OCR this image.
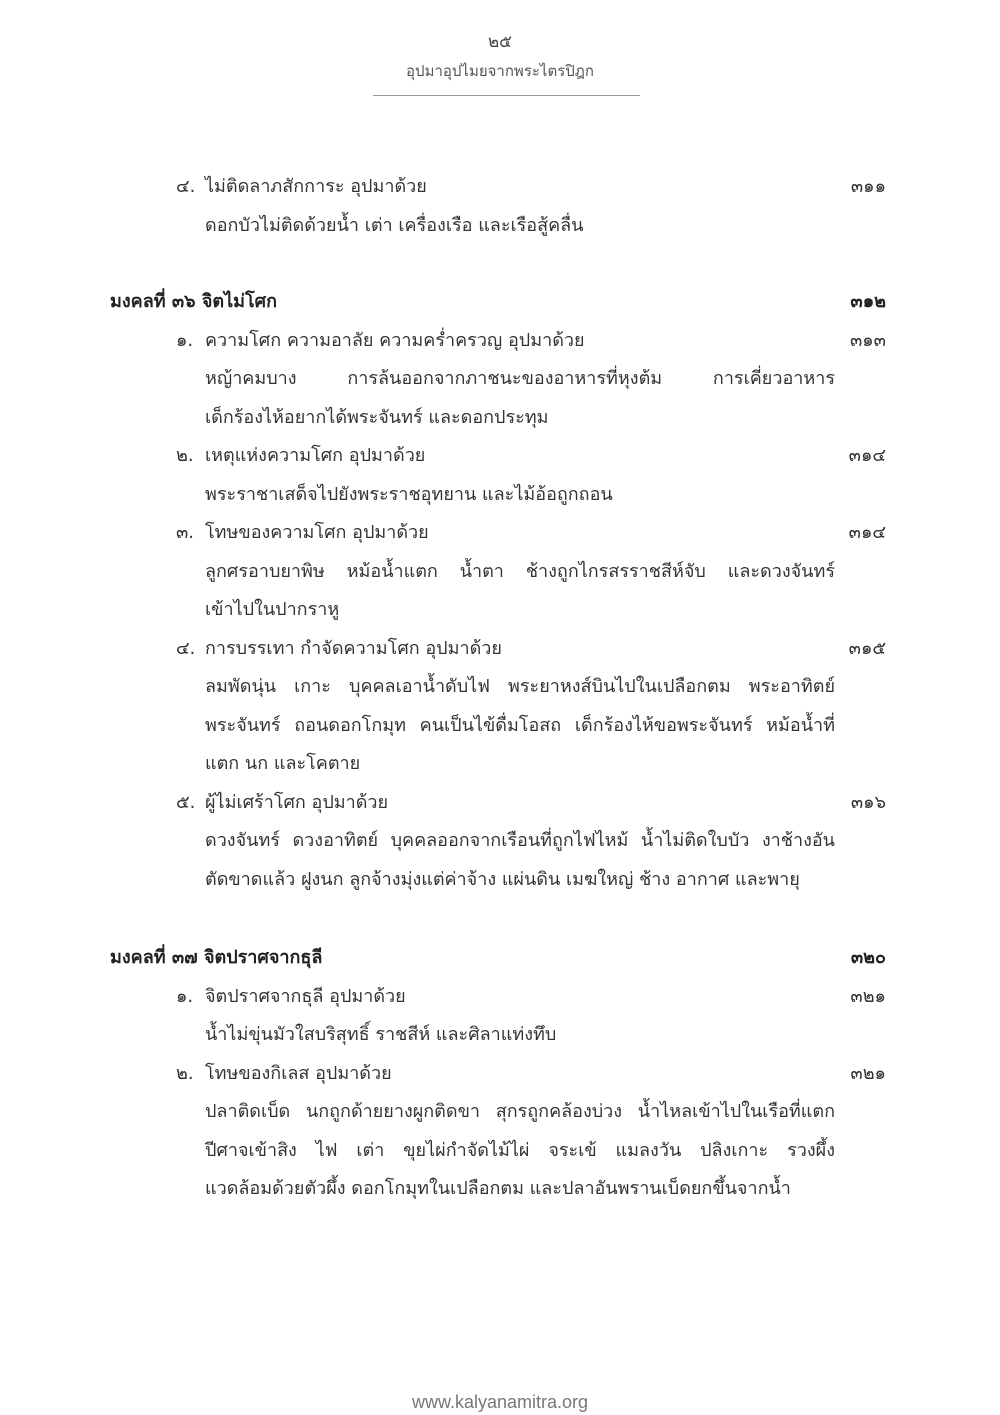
๒๕
อุปมาอุปไมยจากพระไตรปิฎก
๔. ไม่ติดลาภสักการะ อุปมาด้วย	๓๑๑
ดอกบัวไม่ติดด้วยน้ำ เต่า เครื่องเรือ และเรือสู้คลื่น
มงคลที่ ๓๖ จิตไม่โศก	๓๑๒
๑. ความโศก ความอาลัย ความคร่ำครวญ อุปมาด้วย	๓๑๓
หญ้าคมบาง การล้นออกจากภาชนะของอาหารที่หุงต้ม การเคี่ยวอาหาร
เด็กร้องไห้อยากได้พระจันทร์ และดอกประทุม
๒. เหตุแห่งความโศก อุปมาด้วย	๓๑๔
พระราชาเสด็จไปยังพระราชอุทยาน และไม้อ้อถูกถอน
๓. โทษของความโศก อุปมาด้วย	๓๑๔
ลูกศรอาบยาพิษ หม้อน้ำแตก น้ำตา ช้างถูกไกรสรราชสีห์จับ และดวงจันทร์
เข้าไปในปากราหู
๔. การบรรเทา กำจัดความโศก อุปมาด้วย	๓๑๕
ลมพัดนุ่น เกาะ บุคคลเอาน้ำดับไฟ พระยาหงส์บินไปในเปลือกตม พระอาทิตย์
พระจันทร์ ถอนดอกโกมุท คนเป็นไข้ดื่มโอสถ เด็กร้องไห้ขอพระจันทร์ หม้อน้ำที่
แตก นก และโคตาย
๕. ผู้ไม่เศร้าโศก อุปมาด้วย	๓๑๖
ดวงจันทร์ ดวงอาทิตย์ บุคคลออกจากเรือนที่ถูกไฟไหม้ น้ำไม่ติดใบบัว งาช้างอัน
ตัดขาดแล้ว ฝูงนก ลูกจ้างมุ่งแต่ค่าจ้าง แผ่นดิน เมฆใหญ่ ช้าง อากาศ และพายุ
มงคลที่ ๓๗ จิตปราศจากธุลี	๓๒๐
๑. จิตปราศจากธุลี อุปมาด้วย	๓๒๑
น้ำไม่ขุ่นมัวใสบริสุทธิ์ ราชสีห์ และศิลาแท่งทึบ
๒. โทษของกิเลส อุปมาด้วย	๓๒๑
ปลาติดเบ็ด นกถูกด้ายยางผูกติดขา สุกรถูกคล้องบ่วง น้ำไหลเข้าไปในเรือที่แตก
ปีศาจเข้าสิง ไฟ เต่า ขุยไผ่กำจัดไม้ไผ่ จระเข้ แมลงวัน ปลิงเกาะ รวงผึ้ง
แวดล้อมด้วยตัวผึ้ง ดอกโกมุทในเปลือกตม และปลาอันพรานเบ็ดยกขึ้นจากน้ำ
www.kalyanamitra.org
